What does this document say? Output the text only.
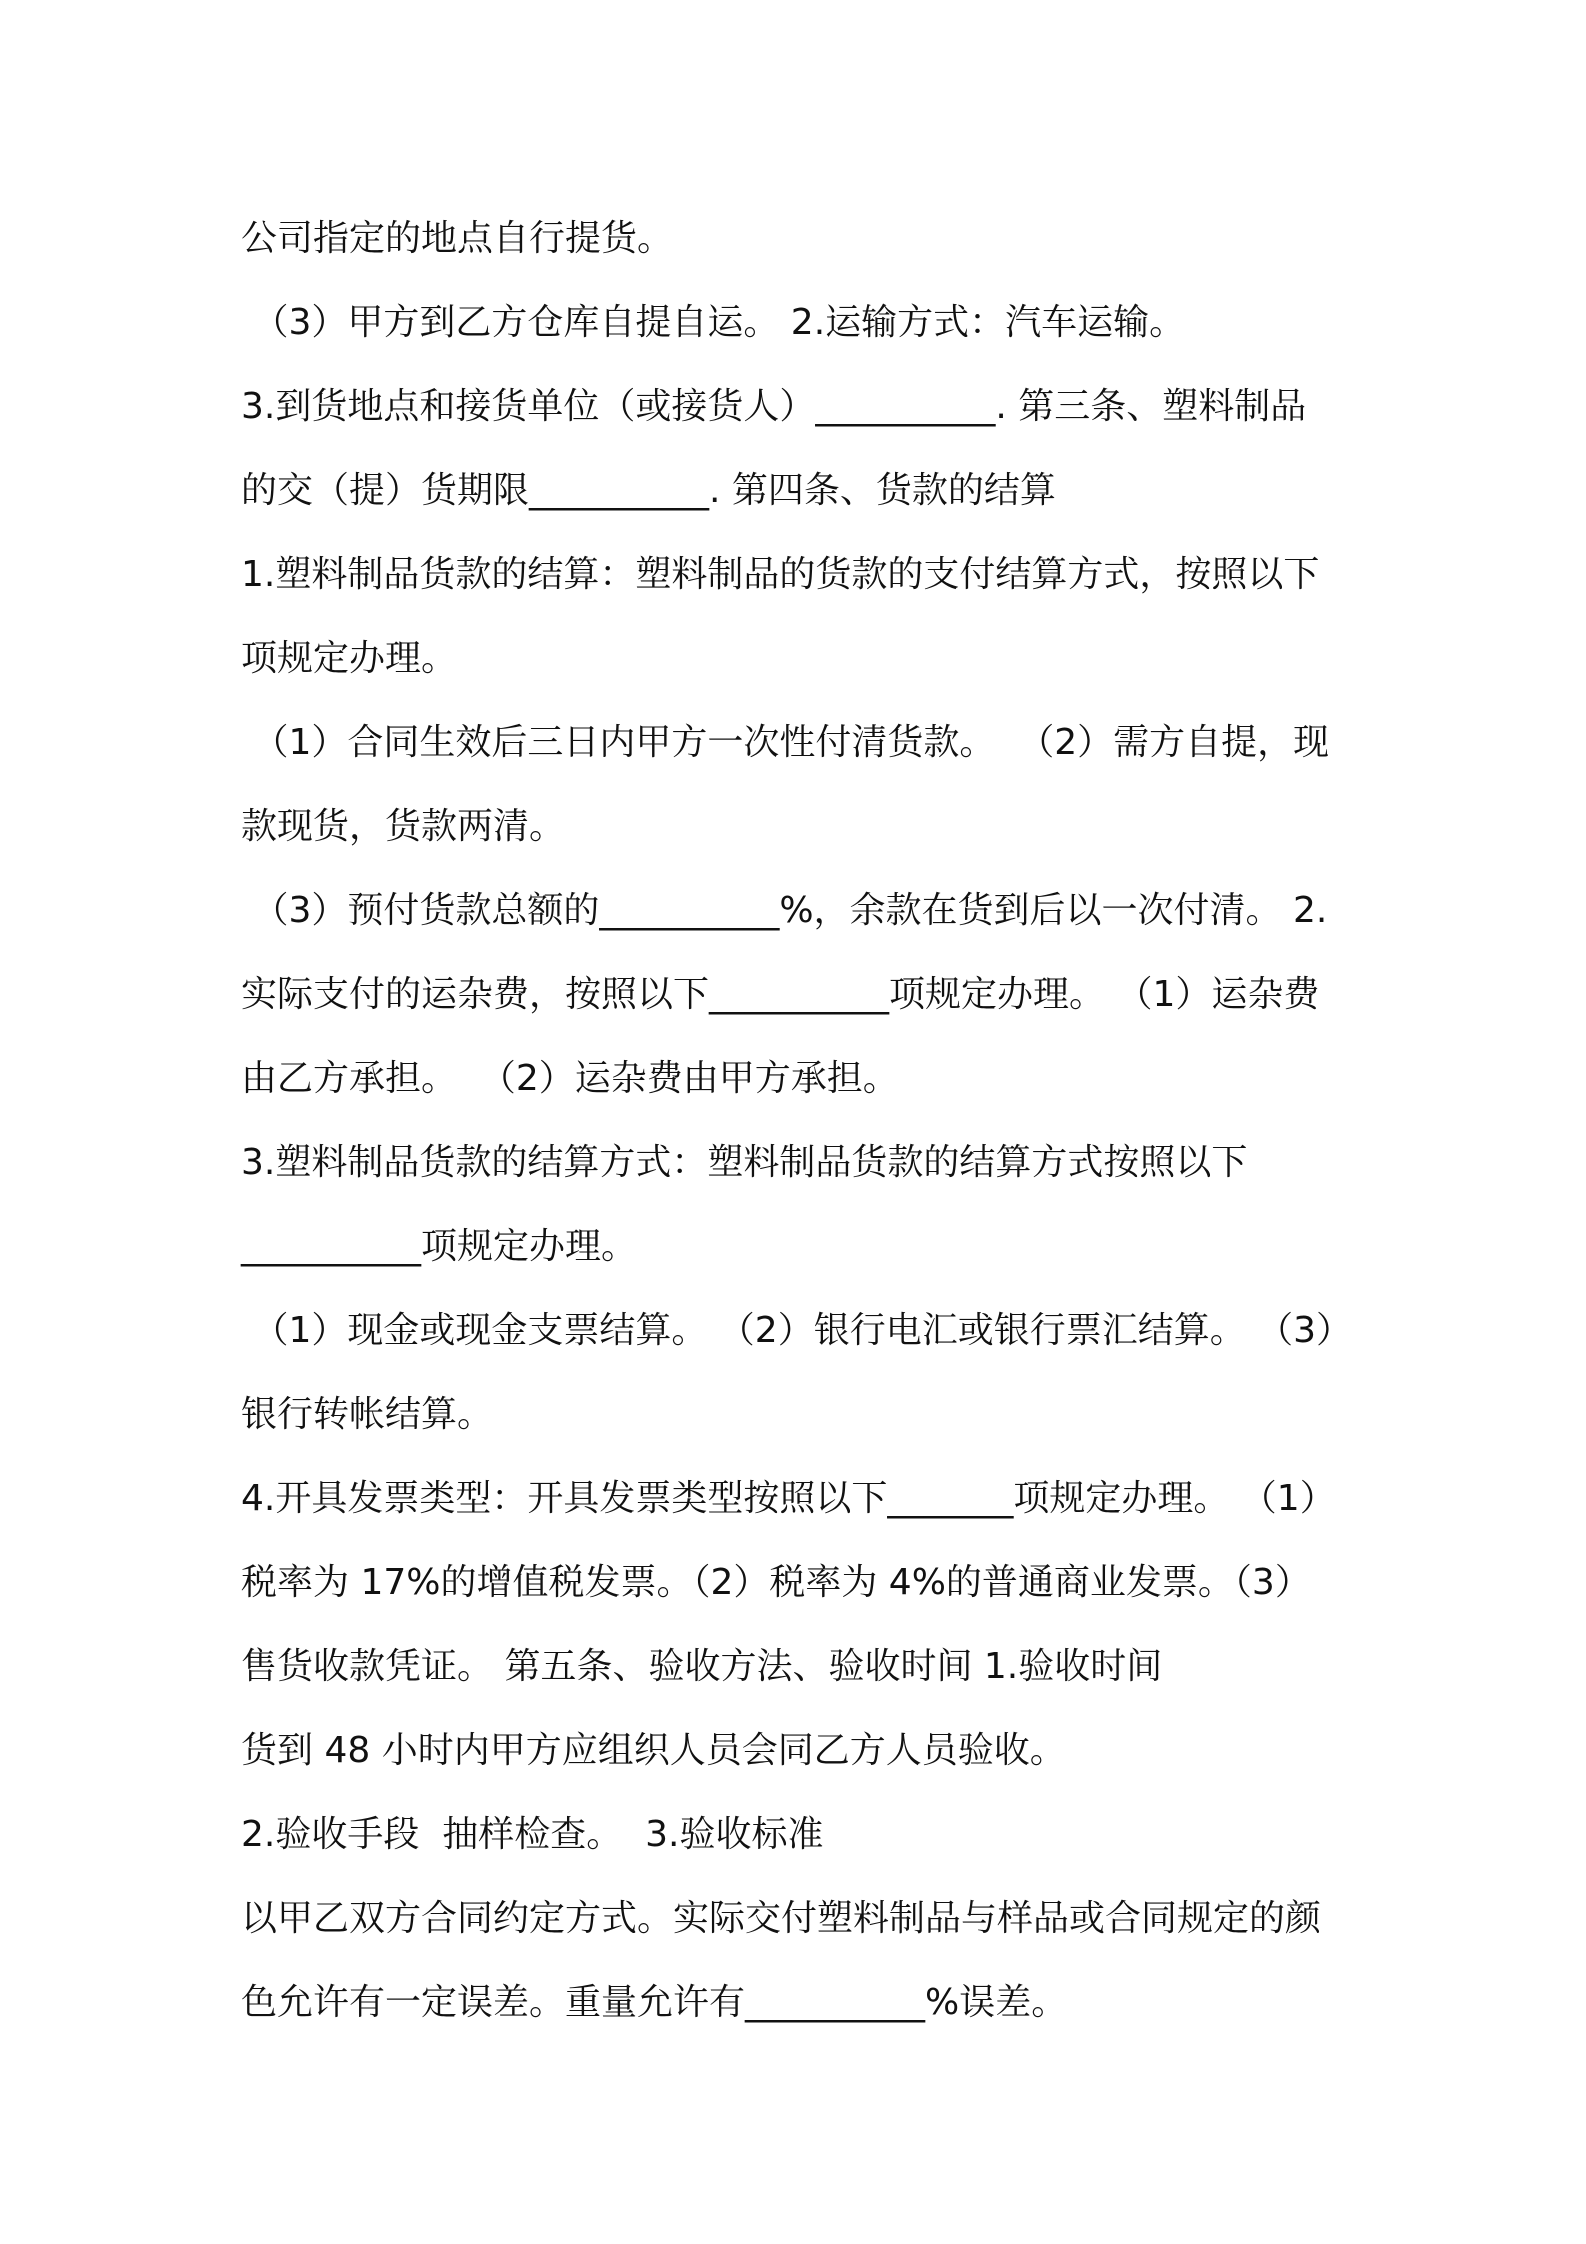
公司指定的地点自行提货。
（3）甲方到乙方仓库自提自运。 2.运输方式：汽车运输。
3.到货地点和接货单位（或接货人）__________. 第三条、塑料制品
的交（提）货期限__________. 第四条、货款的结算
1.塑料制品货款的结算：塑料制品的货款的支付结算方式，按照以下
项规定办理。
（1）合同生效后三日内甲方一次性付清货款。  （2）需方自提，现
款现货，货款两清。
（3）预付货款总额的__________%，余款在货到后以一次付清。 2.
实际支付的运杂费，按照以下__________项规定办理。 （1）运杂费
由乙方承担。  （2）运杂费由甲方承担。
3.塑料制品货款的结算方式：塑料制品货款的结算方式按照以下
__________项规定办理。
（1）现金或现金支票结算。 （2）银行电汇或银行票汇结算。 （3）
银行转帐结算。
4.开具发票类型：开具发票类型按照以下_______项规定办理。 （1）
税率为 17%的增值税发票。（2）税率为 4%的普通商业发票。（3）
售货收款凭证。 第五条、验收方法、验收时间 1.验收时间
货到 48 小时内甲方应组织人员会同乙方人员验收。
2.验收手段  抽样检查。  3.验收标准
以甲乙双方合同约定方式。实际交付塑料制品与样品或合同规定的颜
色允许有一定误差。重量允许有__________%误差。
